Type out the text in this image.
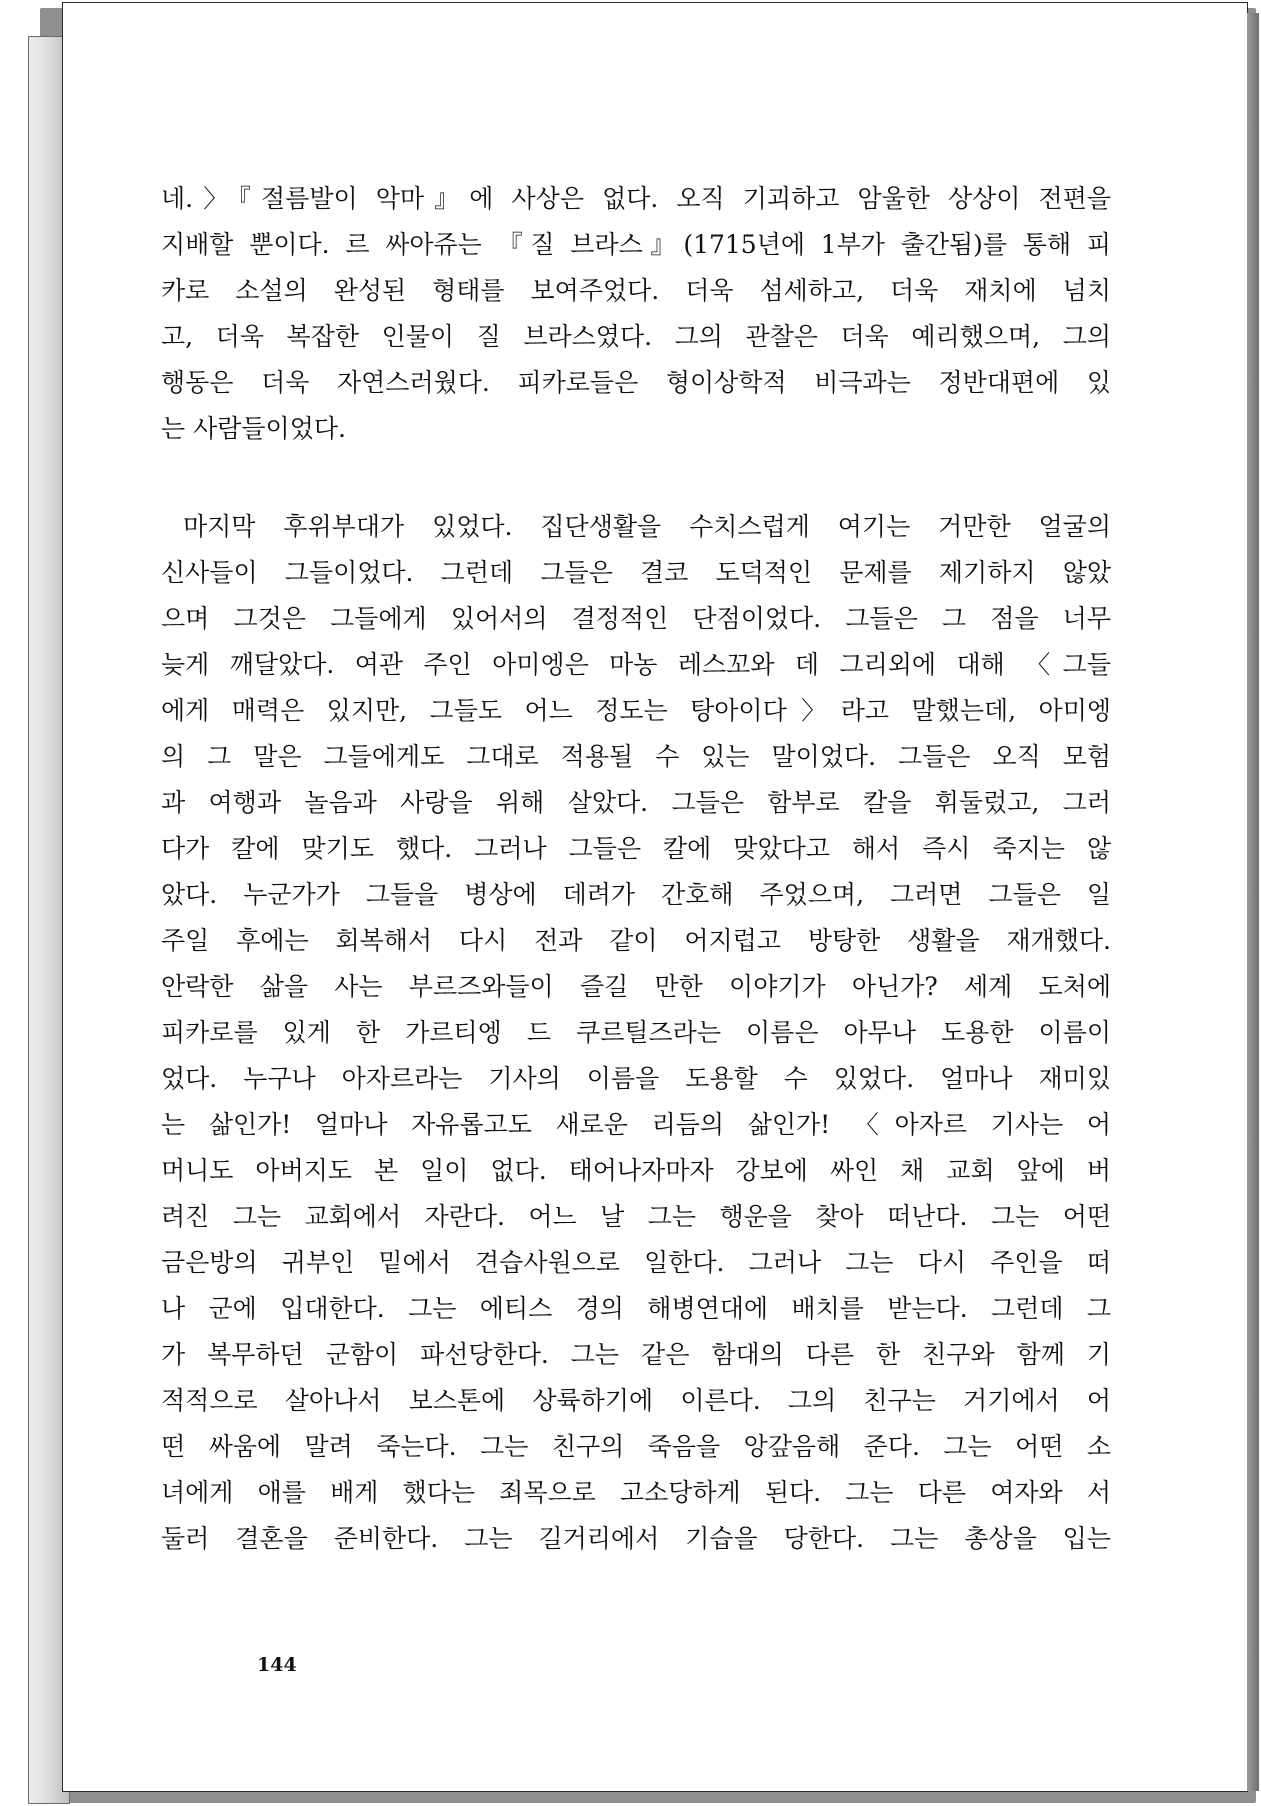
네.〉『절름발이 악마』에 사상은 없다. 오직 기괴하고 암울한 상상이 전편을
지배할 뿐이다. 르 싸아쥬는 『질 브라스』(1715년에 1부가 출간됨)를 통해 피
카로 소설의 완성된 형태를 보여주었다. 더욱 섬세하고, 더욱 재치에 넘치
고, 더욱 복잡한 인물이 질 브라스였다. 그의 관찰은 더욱 예리했으며, 그의
행동은 더욱 자연스러웠다. 피카로들은 형이상학적 비극과는 정반대편에 있
는 사람들이었다.
마지막 후위부대가 있었다. 집단생활을 수치스럽게 여기는 거만한 얼굴의
신사들이 그들이었다. 그런데 그들은 결코 도덕적인 문제를 제기하지 않았
으며 그것은 그들에게 있어서의 결정적인 단점이었다. 그들은 그 점을 너무
늦게 깨달았다. 여관 주인 아미엥은 마농 레스꼬와 데 그리외에 대해 〈그들
에게 매력은 있지만, 그들도 어느 정도는 탕아이다〉라고 말했는데, 아미엥
의 그 말은 그들에게도 그대로 적용될 수 있는 말이었다. 그들은 오직 모험
과 여행과 놀음과 사랑을 위해 살았다. 그들은 함부로 칼을 휘둘렀고, 그러
다가 칼에 맞기도 했다. 그러나 그들은 칼에 맞았다고 해서 즉시 죽지는 않
았다. 누군가가 그들을 병상에 데려가 간호해 주었으며, 그러면 그들은 일
주일 후에는 회복해서 다시 전과 같이 어지럽고 방탕한 생활을 재개했다.
안락한 삶을 사는 부르즈와들이 즐길 만한 이야기가 아닌가? 세계 도처에
피카로를 있게 한 가르티엥 드 쿠르틸즈라는 이름은 아무나 도용한 이름이
었다. 누구나 아자르라는 기사의 이름을 도용할 수 있었다. 얼마나 재미있
는 삶인가! 얼마나 자유롭고도 새로운 리듬의 삶인가! 〈아자르 기사는 어
머니도 아버지도 본 일이 없다. 태어나자마자 강보에 싸인 채 교회 앞에 버
려진 그는 교회에서 자란다. 어느 날 그는 행운을 찾아 떠난다. 그는 어떤
금은방의 귀부인 밑에서 견습사원으로 일한다. 그러나 그는 다시 주인을 떠
나 군에 입대한다. 그는 에티스 경의 해병연대에 배치를 받는다. 그런데 그
가 복무하던 군함이 파선당한다. 그는 같은 함대의 다른 한 친구와 함께 기
적적으로 살아나서 보스톤에 상륙하기에 이른다. 그의 친구는 거기에서 어
떤 싸움에 말려 죽는다. 그는 친구의 죽음을 앙갚음해 준다. 그는 어떤 소
녀에게 애를 배게 했다는 죄목으로 고소당하게 된다. 그는 다른 여자와 서
둘러 결혼을 준비한다. 그는 길거리에서 기습을 당한다. 그는 총상을 입는
144
